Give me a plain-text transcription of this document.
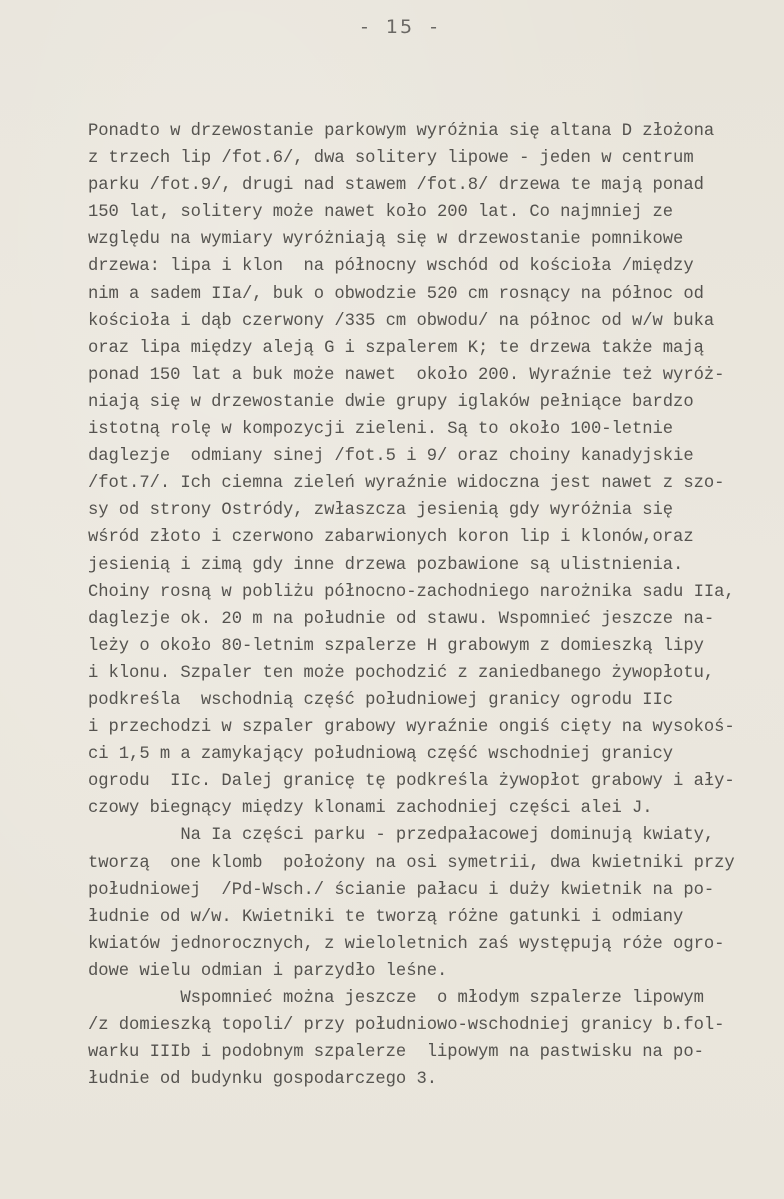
-  15  -
Ponadto w drzewostanie parkowym wyróżnia się altana D złożona
z trzech lip /fot.6/, dwa solitery lipowe - jeden w centrum
parku /fot.9/, drugi nad stawem /fot.8/ drzewa te mają ponad
150 lat, solitery może nawet koło 200 lat. Co najmniej ze
względu na wymiary wyróżniają się w drzewostanie pomnikowe
drzewa: lipa i klon  na północny wschód od kościoła /między
nim a sadem IIa/, buk o obwodzie 520 cm rosnący na północ od
kościoła i dąb czerwony /335 cm obwodu/ na północ od w/w buka
oraz lipa między aleją G i szpalerem K; te drzewa także mają
ponad 150 lat a buk może nawet  około 200. Wyraźnie też wyróż-
niają się w drzewostanie dwie grupy iglaków pełniące bardzo
istotną rolę w kompozycji zieleni. Są to około 100-letnie
daglezje  odmiany sinej /fot.5 i 9/ oraz choiny kanadyjskie
/fot.7/. Ich ciemna zieleń wyraźnie widoczna jest nawet z szo-
sy od strony Ostródy, zwłaszcza jesienią gdy wyróżnia się
wśród złoto i czerwono zabarwionych koron lip i klonów,oraz
jesienią i zimą gdy inne drzewa pozbawione są ulistnienia.
Choiny rosną w pobliżu północno-zachodniego narożnika sadu IIa,
daglezje ok. 20 m na południe od stawu. Wspomnieć jeszcze na-
leży o około 80-letnim szpalerze H grabowym z domieszką lipy
i klonu. Szpaler ten może pochodzić z zaniedbanego żywopłotu,
podkreśla  wschodnią część południowej granicy ogrodu IIc
i przechodzi w szpaler grabowy wyraźnie ongiś cięty na wysokoś-
ci 1,5 m a zamykający południową część wschodniej granicy
ogrodu  IIc. Dalej granicę tę podkreśla żywopłot grabowy i ały-
czowy biegnący między klonami zachodniej części alei J.
Na Ia części parku - przedpałacowej dominują kwiaty,
tworzą  one klomb  położony na osi symetrii, dwa kwietniki przy
południowej  /Pd-Wsch./ ścianie pałacu i duży kwietnik na po-
łudnie od w/w. Kwietniki te tworzą różne gatunki i odmiany
kwiatów jednorocznych, z wieloletnich zaś występują róże ogro-
dowe wielu odmian i parzydło leśne.
Wspomnieć można jeszcze  o młodym szpalerze lipowym
/z domieszką topoli/ przy południowo-wschodniej granicy b.fol-
warku IIIb i podobnym szpalerze  lipowym na pastwisku na po-
łudnie od budynku gospodarczego 3.
